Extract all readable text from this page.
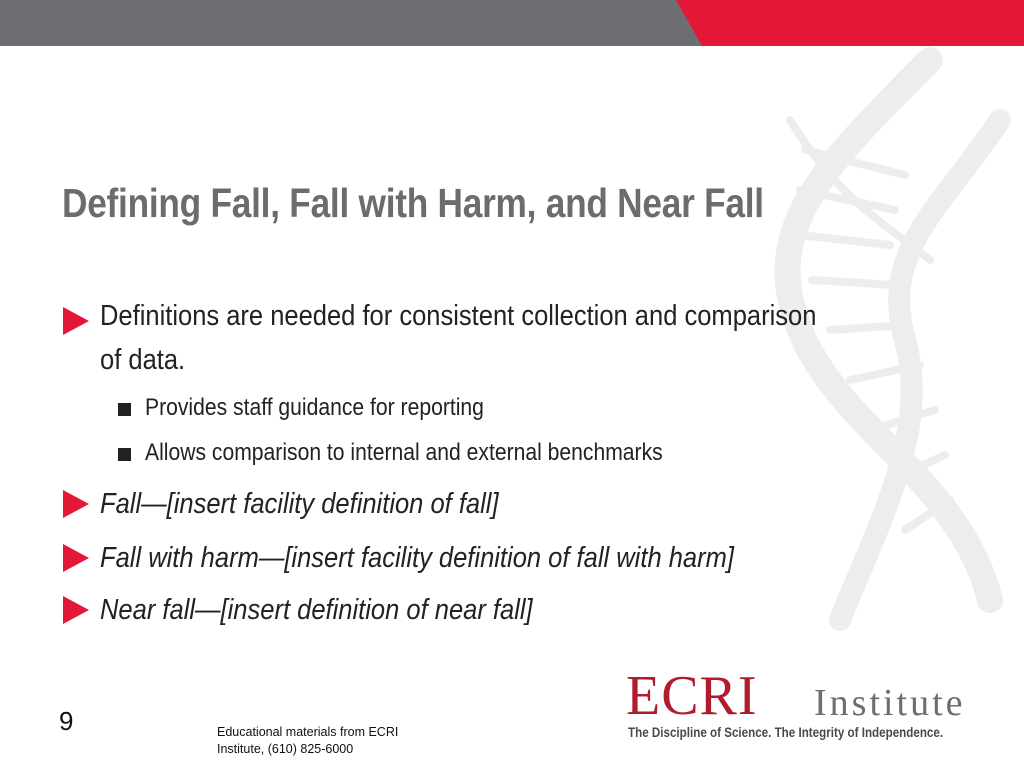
Defining Fall, Fall with Harm, and Near Fall
Definitions are needed for consistent collection and comparison
of data.
Provides staff guidance for reporting
Allows comparison to internal and external benchmarks
Fall—[insert facility definition of fall]
Fall with harm—[insert facility definition of fall with harm]
Near fall—[insert definition of near fall]
9	Educational materials from ECRI
Institute, (610) 825-6000
ECRI Institute
The Discipline of Science. The Integrity of Independence.
